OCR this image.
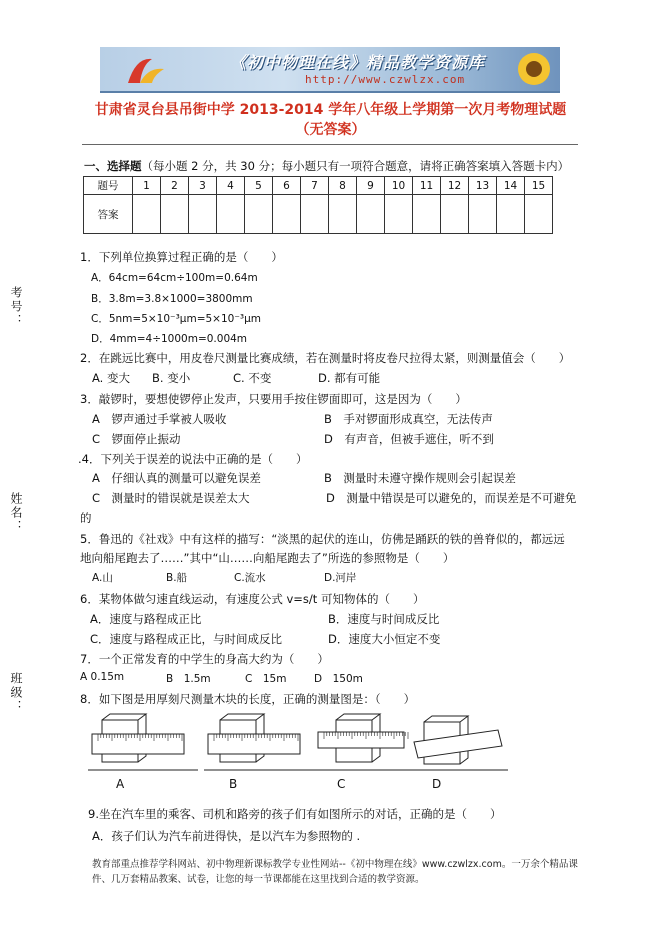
《初中物理在线》精品教学资源库
http://www.czwlzx.com
甘肃省灵台县吊街中学 2013-2014 学年八年级上学期第一次月考物理试题
（无答案）
考号：
姓名：
班级：
一、选择题（每小题 2 分，共 30 分；每小题只有一项符合题意，请将正确答案填入答题卡内）
题号	1	2	3	4	5	6	7	8	9	10	11	12	13	14	15
答案															
1．下列单位换算过程正确的是（　　）
A．64cm=64cm÷100m=0.64m
B．3.8m=3.8×1000=3800mm
C．5nm=5×10⁻³μm=5×10⁻³μm
D．4mm=4÷1000m=0.004m
2．在跳远比赛中，用皮卷尺测量比赛成绩，若在测量时将皮卷尺拉得太紧，则测量值会（　　）
A. 变大 B. 变小	C. 不变	D. 都有可能
3．敲锣时，要想使锣停止发声，只要用手按住锣面即可，这是因为（　　）
A　锣声通过手掌被人吸收	B　手对锣面形成真空，无法传声
C　锣面停止振动	D　有声音，但被手遮住，听不到
.4．下列关于误差的说法中正确的是（　　）
A　仔细认真的测量可以避免误差	B　测量时未遵守操作规则会引起误差
C　测量时的错误就是误差太大	D　测量中错误是可以避免的，而误差是不可避免
的
5．鲁迅的《社戏》中有这样的描写：“淡黑的起伏的连山，仿佛是踊跃的铁的兽脊似的，都远远
地向船尾跑去了……”其中“山……向船尾跑去了”所选的参照物是（　　）
A.山	B.船	C.流水	D.河岸
6．某物体做匀速直线运动，有速度公式 v=s/t 可知物体的（　　）
A．速度与路程成正比	B．速度与时间成反比
C．速度与路程成正比，与时间成反比	D．速度大小恒定不变
7．一个正常发育的中学生的身高大约为（　　）
A 0.15m	B　1.5m	C　15m	D　150m
8．如下图是用厚刻尺测量木块的长度，正确的测量图是：（　　）
A	B	C	D
9.坐在汽车里的乘客、司机和路旁的孩子们有如图所示的对话，正确的是（　　）
A．孩子们认为汽车前进得快，是以汽车为参照物的 .
教育部重点推荐学科网站、初中物理新课标教学专业性网站--《初中物理在线》www.czwlzx.com。一万余个精品课
件、几万套精品教案、试卷，让您的每一节课都能在这里找到合适的教学资源。
